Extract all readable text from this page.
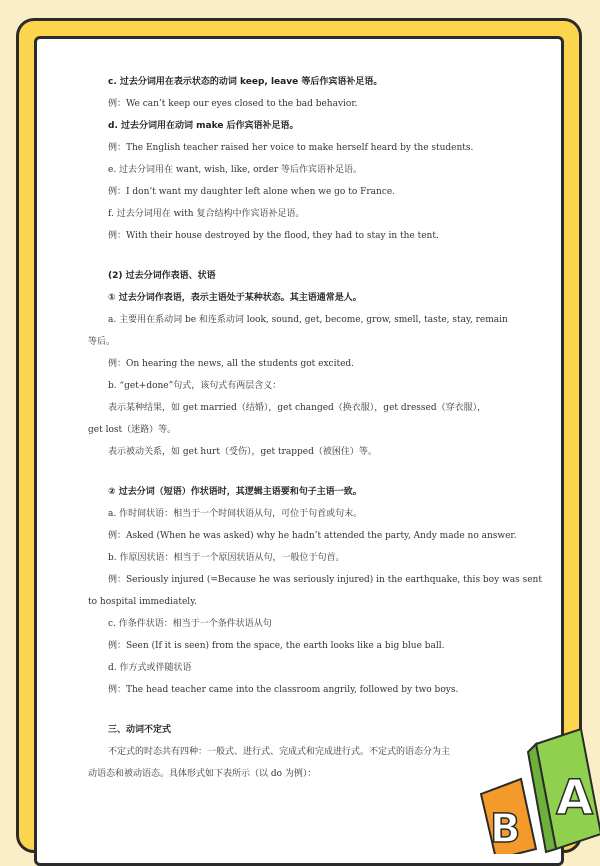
c. 过去分词用在表示状态的动词 keep, leave 等后作宾语补足语。
例：We can’t keep our eyes closed to the bad behavior.
d. 过去分词用在动词 make 后作宾语补足语。
例：The English teacher raised her voice to make herself heard by the students.
e. 过去分词用在 want, wish, like, order 等后作宾语补足语。
例：I don’t want my daughter left alone when we go to France.
f. 过去分词用在 with 复合结构中作宾语补足语。
例：With their house destroyed by the flood, they had to stay in the tent.
(2) 过去分词作表语、状语
① 过去分词作表语，表示主语处于某种状态。其主语通常是人。
a. 主要用在系动词 be 和连系动词 look, sound, get, become, grow, smell, taste, stay, remain
等后。
例：On hearing the news, all the students got excited.
b. “get+done”句式，该句式有两层含义：
表示某种结果，如 get married（结婚），get changed（换衣服），get dressed（穿衣服），
get lost（迷路）等。
表示被动关系，如 get hurt（受伤），get trapped（被困住）等。
② 过去分词（短语）作状语时，其逻辑主语要和句子主语一致。
a. 作时间状语：相当于一个时间状语从句，可位于句首或句末。
例：Asked (When he was asked) why he hadn’t attended the party, Andy made no answer.
b. 作原因状语：相当于一个原因状语从句，一般位于句首。
例：Seriously injured (=Because he was seriously injured) in the earthquake, this boy was sent
to hospital immediately.
c. 作条件状语：相当于一个条件状语从句
例：Seen (If it is seen) from the space, the earth looks like a big blue ball.
d. 作方式或伴随状语
例：The head teacher came into the classroom angrily, followed by two boys.
三、动词不定式
不定式的时态共有四种：一般式、进行式、完成式和完成进行式。不定式的语态分为主
动语态和被动语态。具体形式如下表所示（以 do 为例）：	A
B
